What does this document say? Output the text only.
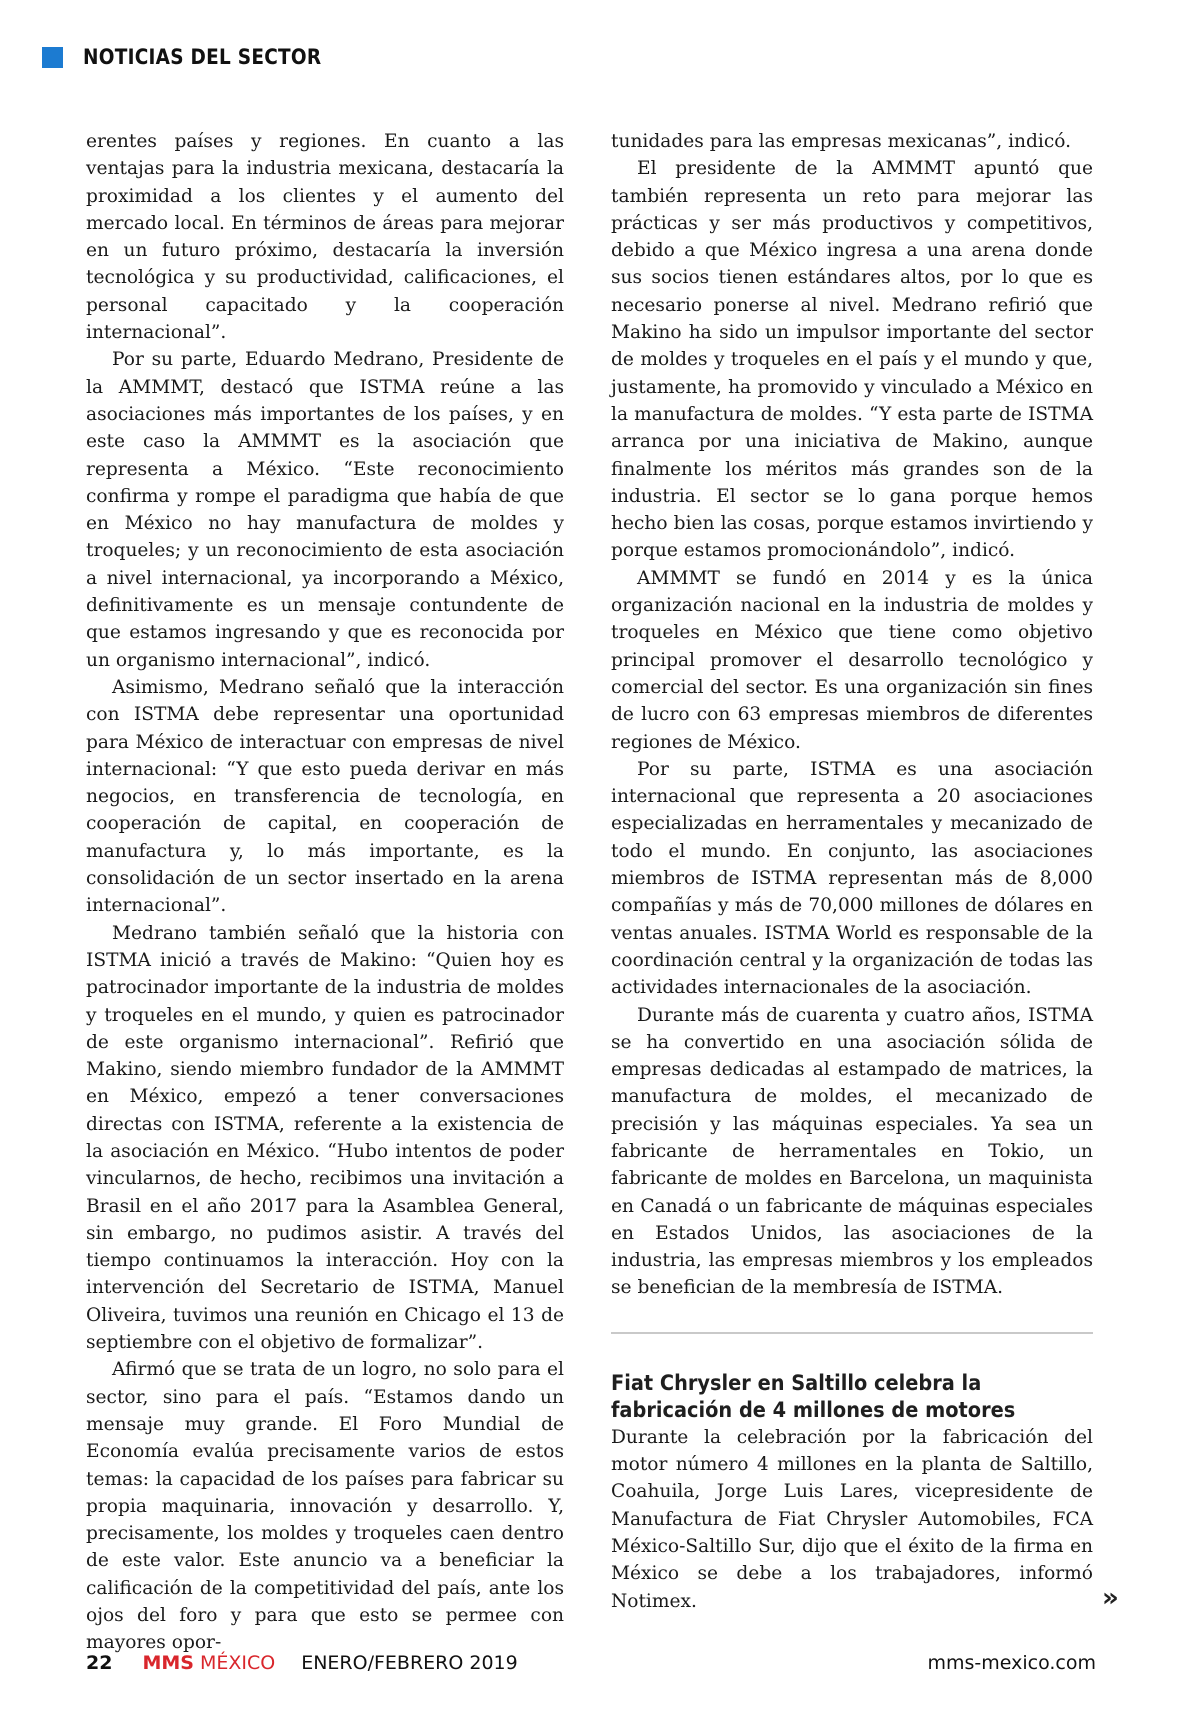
NOTICIAS DEL SECTOR

erentes países y regiones. En cuanto a las ventajas para la industria mexicana, destacaría la proximidad a los clientes y el aumento del mercado local. En términos de áreas para mejorar en un futuro próximo, destacaría la inversión tecnológica y su productividad, calificaciones, el personal capacitado y la cooperación internacional”.

Por su parte, Eduardo Medrano, Presidente de la AMMMT, destacó que ISTMA reúne a las asociaciones más importantes de los países, y en este caso la AMMMT es la asociación que representa a México. “Este reconocimiento confirma y rompe el paradigma que había de que en México no hay manufactura de moldes y troqueles; y un reconocimiento de esta asociación a nivel internacional, ya incorporando a México, definitivamente es un mensaje contundente de que estamos ingresando y que es reconocida por un organismo internacional”, indicó.

Asimismo, Medrano señaló que la interacción con ISTMA debe representar una oportunidad para México de interactuar con empresas de nivel internacional: “Y que esto pueda derivar en más negocios, en transferencia de tecnología, en cooperación de capital, en cooperación de manufactura y, lo más importante, es la consolidación de un sector insertado en la arena internacional”.

Medrano también señaló que la historia con ISTMA inició a través de Makino: “Quien hoy es patrocinador importante de la industria de moldes y troqueles en el mundo, y quien es patrocinador de este organismo internacional”. Refirió que Makino, siendo miembro fundador de la AMMMT en México, empezó a tener conversaciones directas con ISTMA, referente a la existencia de la asociación en México. “Hubo intentos de poder vincularnos, de hecho, recibimos una invitación a Brasil en el año 2017 para la Asamblea General, sin embargo, no pudimos asistir. A través del tiempo continuamos la interacción. Hoy con la intervención del Secretario de ISTMA, Manuel Oliveira, tuvimos una reunión en Chicago el 13 de septiembre con el objetivo de formalizar”.

Afirmó que se trata de un logro, no solo para el sector, sino para el país. “Estamos dando un mensaje muy grande. El Foro Mundial de Economía evalúa precisamente varios de estos temas: la capacidad de los países para fabricar su propia maquinaria, innovación y desarrollo. Y, precisamente, los moldes y troqueles caen dentro de este valor. Este anuncio va a beneficiar la calificación de la competitividad del país, ante los ojos del foro y para que esto se permee con mayores opor-

tunidades para las empresas mexicanas”, indicó.

El presidente de la AMMMT apuntó que también representa un reto para mejorar las prácticas y ser más productivos y competitivos, debido a que México ingresa a una arena donde sus socios tienen estándares altos, por lo que es necesario ponerse al nivel. Medrano refirió que Makino ha sido un impulsor importante del sector de moldes y troqueles en el país y el mundo y que, justamente, ha promovido y vinculado a México en la manufactura de moldes. “Y esta parte de ISTMA arranca por una iniciativa de Makino, aunque finalmente los méritos más grandes son de la industria. El sector se lo gana porque hemos hecho bien las cosas, porque estamos invirtiendo y porque estamos promocionándolo”, indicó.

AMMMT se fundó en 2014 y es la única organización nacional en la industria de moldes y troqueles en México que tiene como objetivo principal promover el desarrollo tecnológico y comercial del sector. Es una organización sin fines de lucro con 63 empresas miembros de diferentes regiones de México.

Por su parte, ISTMA es una asociación internacional que representa a 20 asociaciones especializadas en herramentales y mecanizado de todo el mundo. En conjunto, las asociaciones miembros de ISTMA representan más de 8,000 compañías y más de 70,000 millones de dólares en ventas anuales. ISTMA World es responsable de la coordinación central y la organización de todas las actividades internacionales de la asociación.

Durante más de cuarenta y cuatro años, ISTMA se ha convertido en una asociación sólida de empresas dedicadas al estampado de matrices, la manufactura de moldes, el mecanizado de precisión y las máquinas especiales. Ya sea un fabricante de herramentales en Tokio, un fabricante de moldes en Barcelona, un maquinista en Canadá o un fabricante de máquinas especiales en Estados Unidos, las asociaciones de la industria, las empresas miembros y los empleados se benefician de la membresía de ISTMA.

Fiat Chrysler en Saltillo celebra la fabricación de 4 millones de motores

Durante la celebración por la fabricación del motor número 4 millones en la planta de Saltillo, Coahuila, Jorge Luis Lares, vicepresidente de Manufactura de Fiat Chrysler Automobiles, FCA México-Saltillo Sur, dijo que el éxito de la firma en México se debe a los trabajadores, informó Notimex.	»
22 MMS MÉXICO ENERO/FEBRERO 2019	mms-mexico.com
